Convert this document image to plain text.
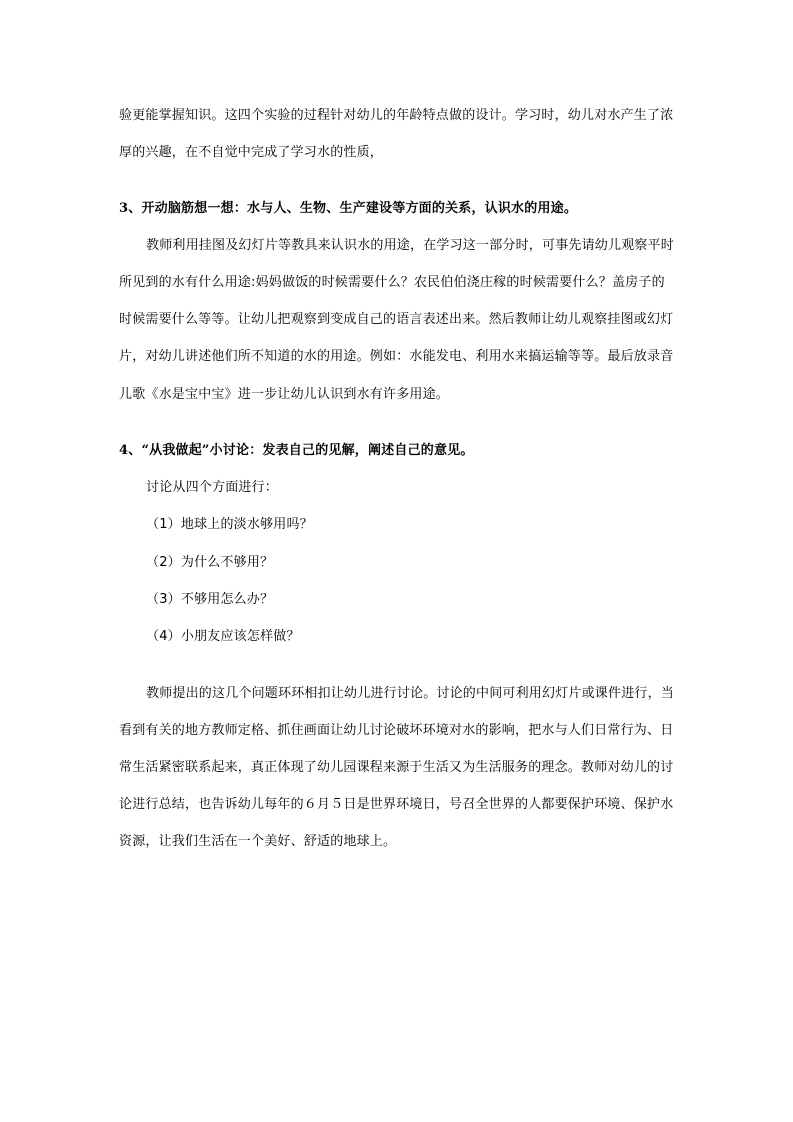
验更能掌握知识。这四个实验的过程针对幼儿的年龄特点做的设计。学习时，幼儿对水产生了浓
厚的兴趣，在不自觉中完成了学习水的性质，
3、开动脑筋想一想：水与人、生物、生产建设等方面的关系，认识水的用途。
教师利用挂图及幻灯片等教具来认识水的用途，在学习这一部分时，可事先请幼儿观察平时
所见到的水有什么用途:妈妈做饭的时候需要什么？农民伯伯浇庄稼的时候需要什么？盖房子的
时候需要什么等等。让幼儿把观察到变成自己的语言表述出来。然后教师让幼儿观察挂图或幻灯
片，对幼儿讲述他们所不知道的水的用途。例如：水能发电、利用水来搞运输等等。最后放录音
儿歌《水是宝中宝》进一步让幼儿认识到水有许多用途。
4、“从我做起”小讨论：发表自己的见解，阐述自己的意见。
讨论从四个方面进行：
（1）地球上的淡水够用吗？
（2）为什么不够用？
（3）不够用怎么办？
（4）小朋友应该怎样做？
教师提出的这几个问题环环相扣让幼儿进行讨论。讨论的中间可利用幻灯片或课件进行，当
看到有关的地方教师定格、抓住画面让幼儿讨论破坏环境对水的影响，把水与人们日常行为、日
常生活紧密联系起来，真正体现了幼儿园课程来源于生活又为生活服务的理念。教师对幼儿的讨
论进行总结，也告诉幼儿每年的６月５日是世界环境日，号召全世界的人都要保护环境、保护水
资源，让我们生活在一个美好、舒适的地球上。
